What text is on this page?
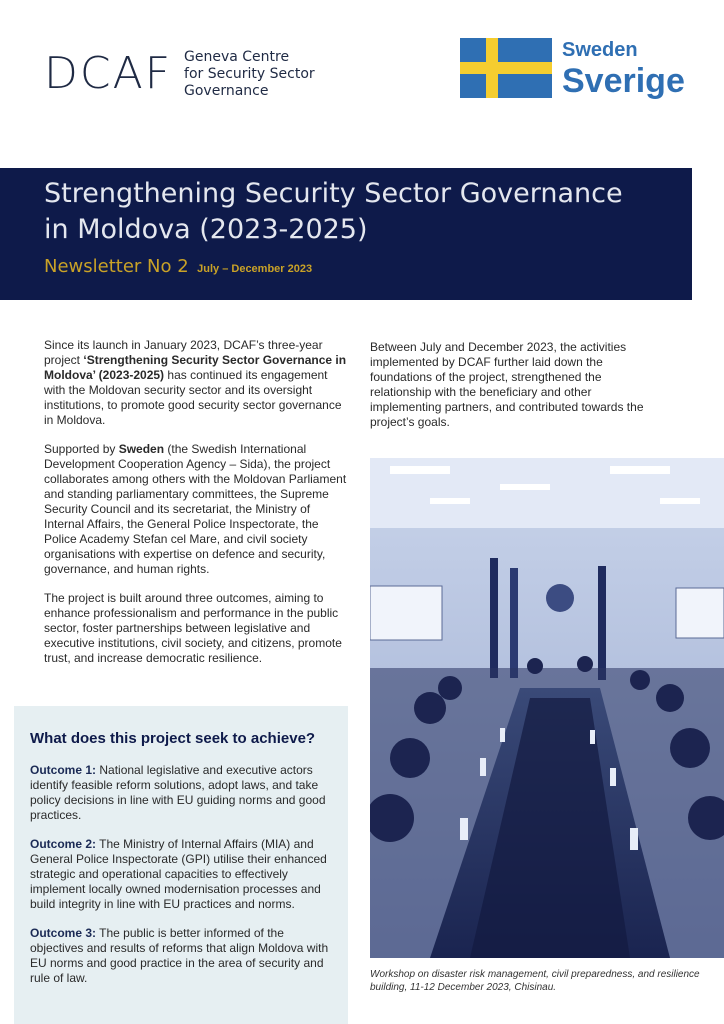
DCAF Geneva Centre
for Security Sector
Governance
Sweden
Sverige
Strengthening Security Sector Governance
in Moldova (2023-2025)
Newsletter No 2 July – December 2023

Since its launch in January 2023, DCAF’s three-year project ‘Strengthening Security Sector Governance in Moldova’ (2023-2025) has continued its engagement with the Moldovan security sector and its oversight institutions, to promote good security sector governance in Moldova.

Supported by Sweden (the Swedish International Development Cooperation Agency – Sida), the project collaborates among others with the Moldovan Parliament and standing parliamentary committees, the Supreme Security Council and its secretariat, the Ministry of Internal Affairs, the General Police Inspectorate, the Police Academy Stefan cel Mare, and civil society organisations with expertise on defence and security, governance, and human rights.

The project is built around three outcomes, aiming to enhance professionalism and performance in the public sector, foster partnerships between legislative and executive institutions, civil society, and citizens, promote trust, and increase democratic resilience.

Between July and December 2023, the activities implemented by DCAF further laid down the foundations of the project, strengthened the relationship with the beneficiary and other implementing partners, and contributed towards the project’s goals.

Workshop on disaster risk management, civil preparedness, and resilience building, 11-12 December 2023, Chisinau.
What does this project seek to achieve?

Outcome 1: National legislative and executive actors identify feasible reform solutions, adopt laws, and take policy decisions in line with EU guiding norms and good practices.

Outcome 2: The Ministry of Internal Affairs (MIA) and General Police Inspectorate (GPI) utilise their enhanced strategic and operational capacities to effectively implement locally owned modernisation processes and build integrity in line with EU practices and norms.

Outcome 3: The public is better informed of the objectives and results of reforms that align Moldova with EU norms and good practice in the area of security and rule of law.
